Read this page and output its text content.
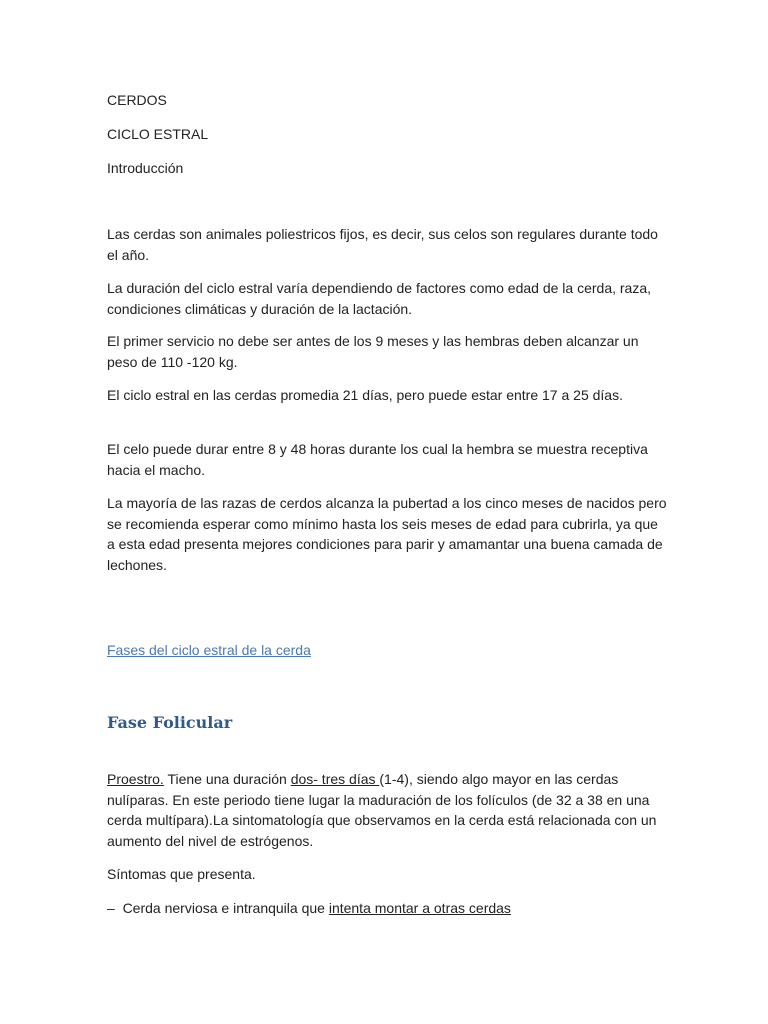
CERDOS
CICLO ESTRAL
Introducción
Las cerdas son animales poliestricos fijos, es decir, sus celos son regulares durante todo el año.
La duración del ciclo estral varía dependiendo de factores como edad de la cerda, raza, condiciones climáticas y duración de la lactación.
El primer servicio no debe ser antes de los 9 meses y las hembras deben alcanzar un peso de 110 -120 kg.
El ciclo estral en las cerdas promedia 21 días, pero puede estar entre 17 a 25 días.
El celo puede durar entre 8 y 48 horas durante los cual la hembra se muestra receptiva hacia el macho.
La mayoría de las razas de cerdos alcanza la pubertad a los cinco meses de nacidos pero se recomienda esperar como mínimo hasta los seis meses de edad para cubrirla, ya que a esta edad presenta mejores condiciones para parir y amamantar una buena camada de lechones.
Fases del ciclo estral de la cerda
Fase Folicular
Proestro. Tiene una duración dos- tres días (1-4), siendo algo mayor en las cerdas nulíparas. En este periodo tiene lugar la maduración de los folículos (de 32 a 38 en una cerda multípara).La sintomatología que observamos en la cerda está relacionada con un aumento del nivel de estrógenos.
Síntomas que presenta.
–  Cerda nerviosa e intranquila que intenta montar a otras cerdas
